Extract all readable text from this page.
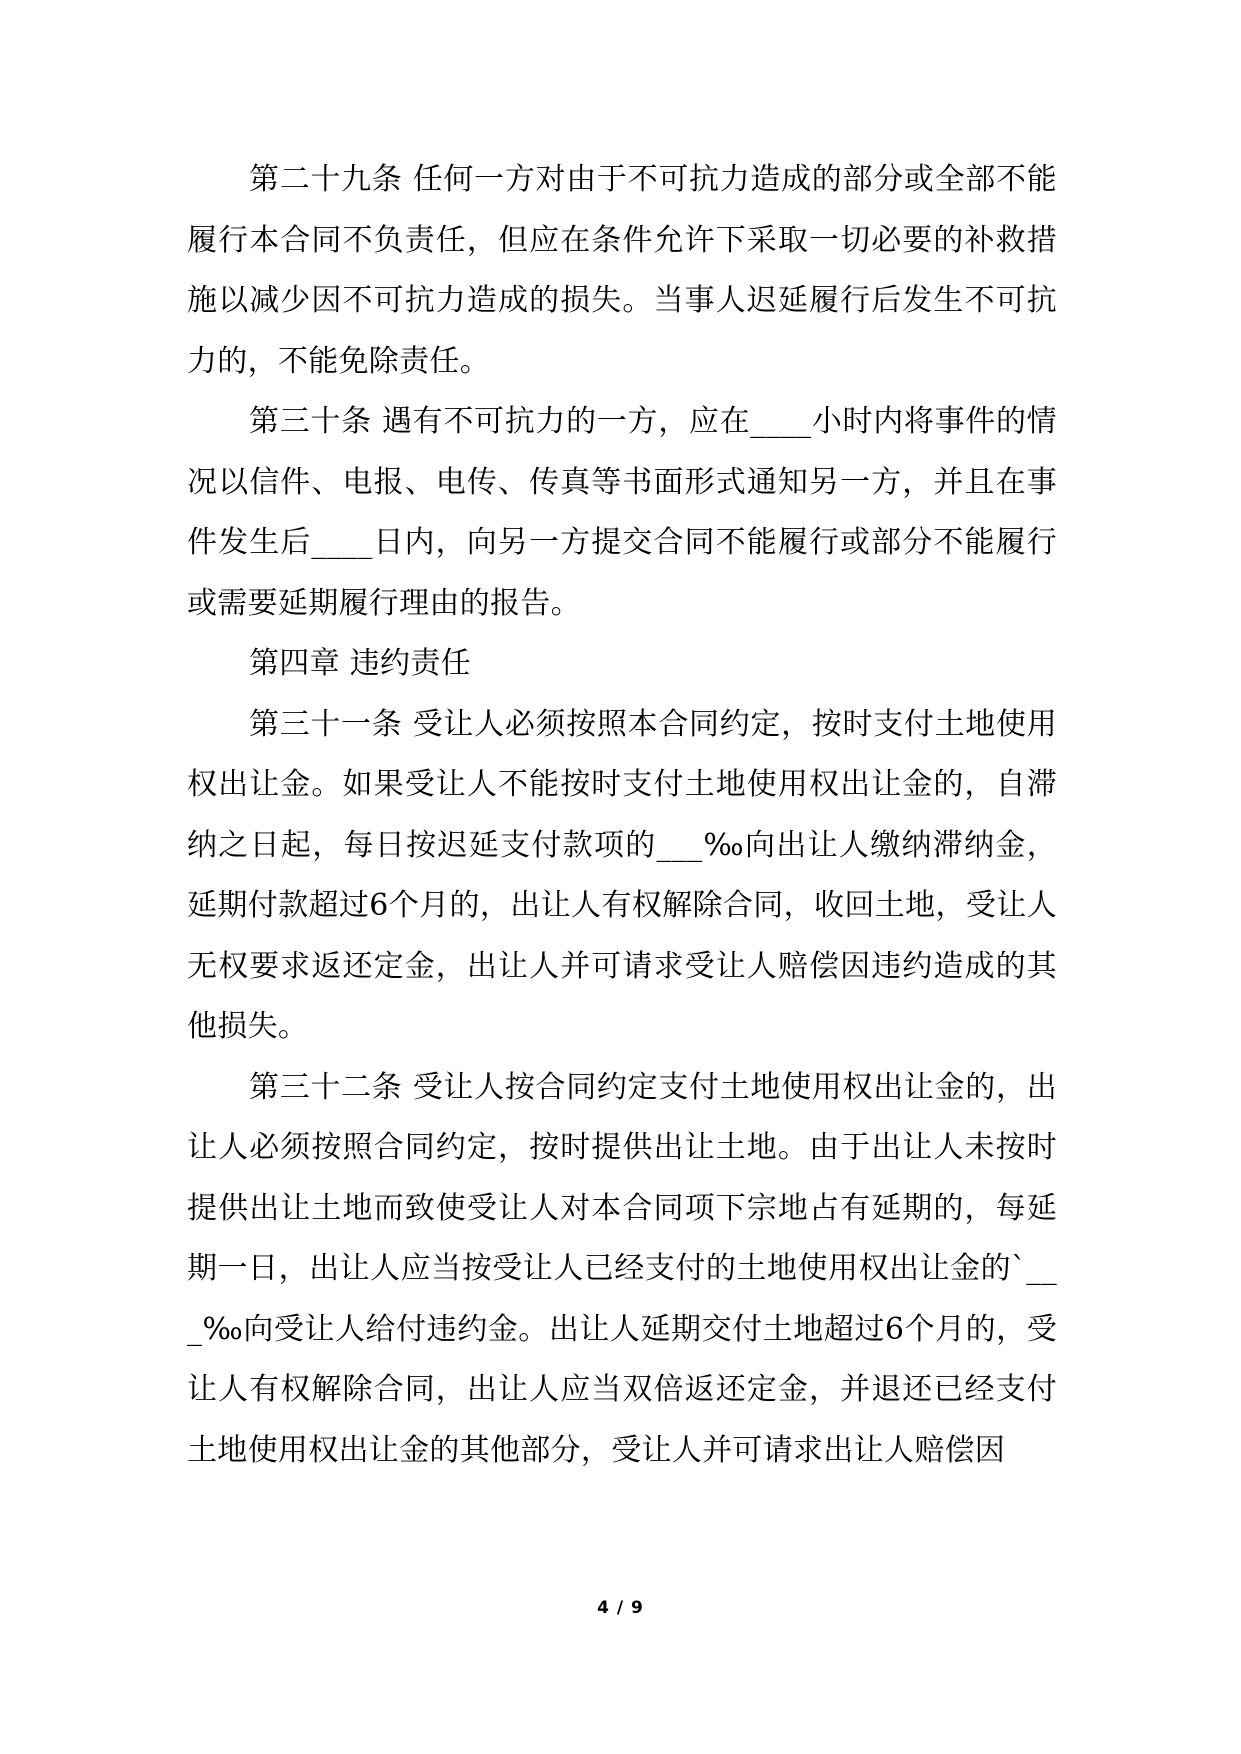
第二十九条 任何一方对由于不可抗力造成的部分或全部不能履行本合同不负责任，但应在条件允许下采取一切必要的补救措施以减少因不可抗力造成的损失。当事人迟延履行后发生不可抗力的，不能免除责任。

第三十条 遇有不可抗力的一方，应在____小时内将事件的情况以信件、电报、电传、传真等书面形式通知另一方，并且在事件发生后____日内，向另一方提交合同不能履行或部分不能履行或需要延期履行理由的报告。

第四章 违约责任

第三十一条 受让人必须按照本合同约定，按时支付土地使用权出让金。如果受让人不能按时支付土地使用权出让金的，自滞纳之日起，每日按迟延支付款项的___‰向出让人缴纳滞纳金，延期付款超过6个月的，出让人有权解除合同，收回土地，受让人无权要求返还定金，出让人并可请求受让人赔偿因违约造成的其他损失。

第三十二条 受让人按合同约定支付土地使用权出让金的，出让人必须按照合同约定，按时提供出让土地。由于出让人未按时提供出让土地而致使受让人对本合同项下宗地占有延期的，每延期一日，出让人应当按受让人已经支付的土地使用权出让金的`___‰向受让人给付违约金。出让人延期交付土地超过6个月的，受让人有权解除合同，出让人应当双倍返还定金，并退还已经支付土地使用权出让金的其他部分，受让人并可请求出让人赔偿因

4 / 9
